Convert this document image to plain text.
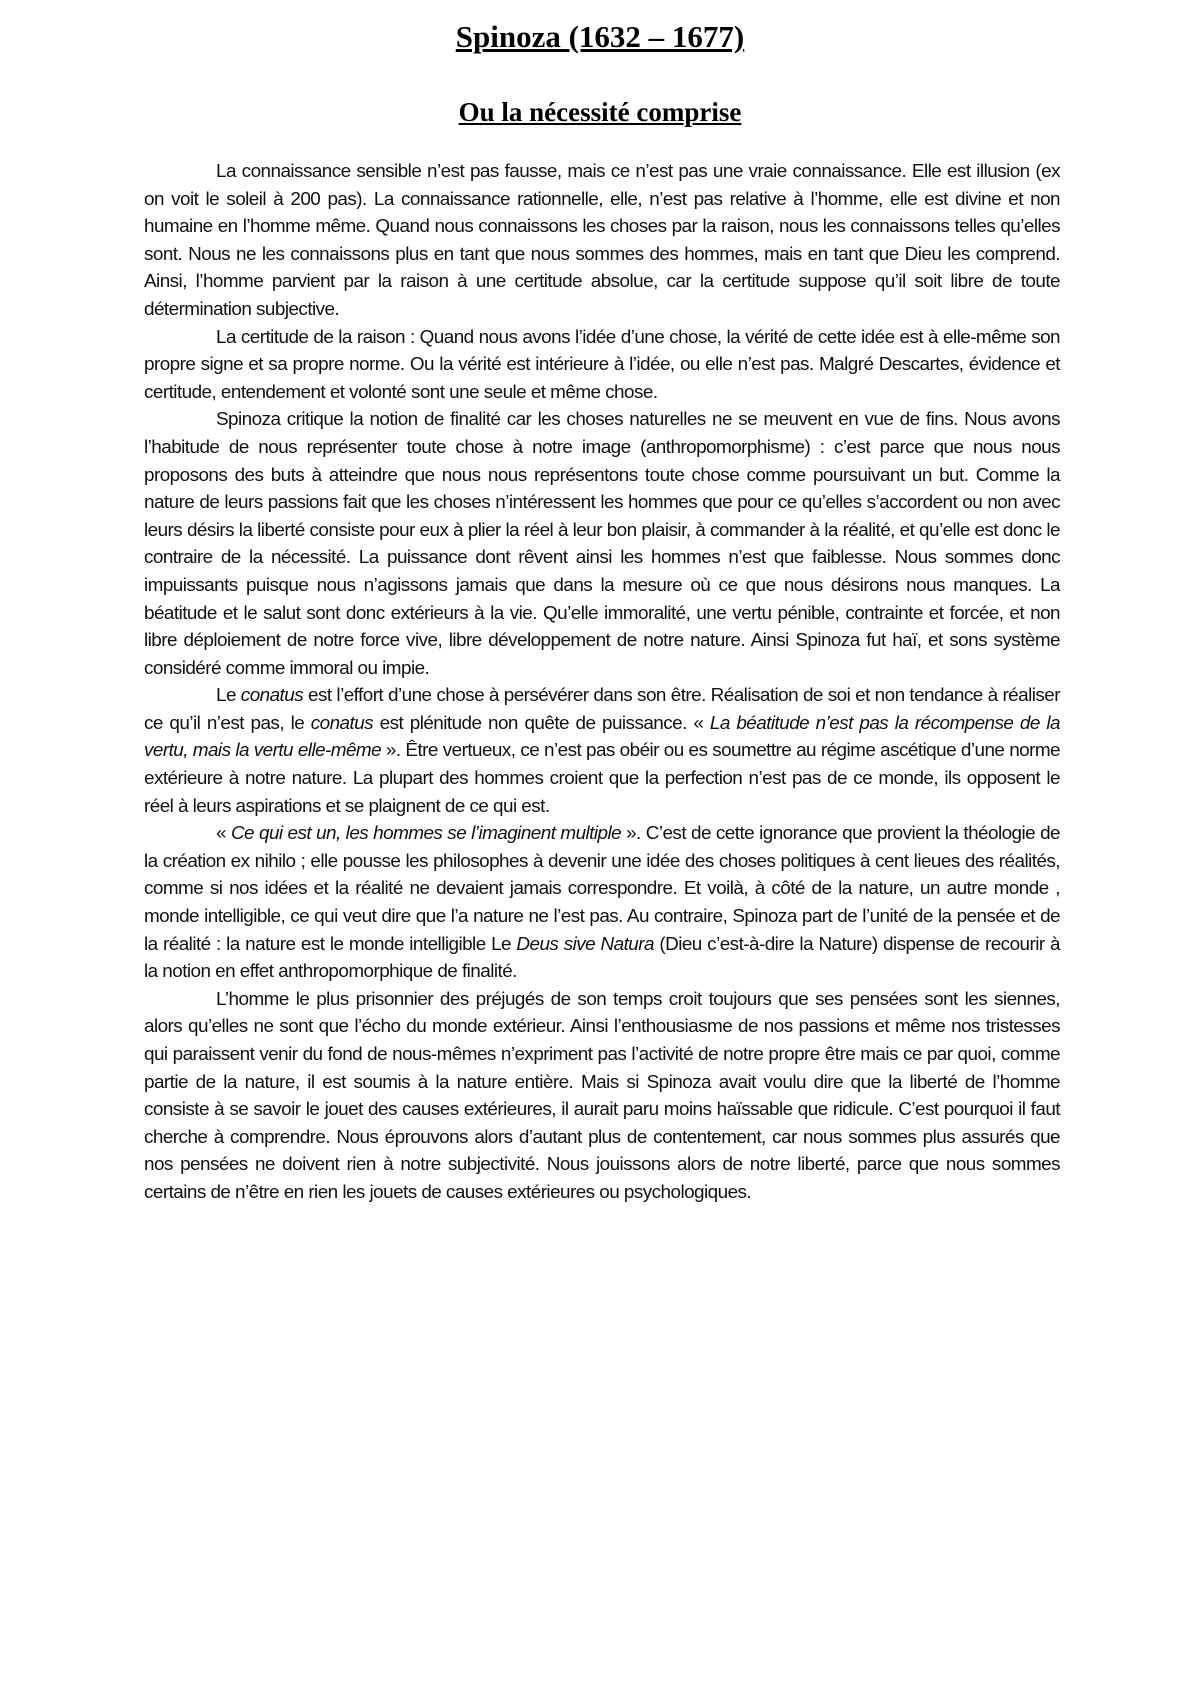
Spinoza (1632 – 1677)
Ou la nécessité comprise

La connaissance sensible n’est pas fausse, mais ce n’est pas une vraie connaissance. Elle est illusion (ex on voit le soleil à 200 pas). La connaissance rationnelle, elle, n’est pas relative à l’homme, elle est divine et non humaine en l’homme même. Quand nous connaissons les choses par la raison, nous les connaissons telles qu’elles sont. Nous ne les connaissons plus en tant que nous sommes des hommes, mais en tant que Dieu les comprend. Ainsi, l’homme parvient par la raison à une certitude absolue, car la certitude suppose qu’il soit libre de toute détermination subjective.

La certitude de la raison : Quand nous avons l’idée d’une chose, la vérité de cette idée est à elle-même son propre signe et sa propre norme. Ou la vérité est intérieure à l’idée, ou elle n’est pas. Malgré Descartes, évidence et certitude, entendement et volonté sont une seule et même chose.

Spinoza critique la notion de finalité car les choses naturelles ne se meuvent en vue de fins. Nous avons l’habitude de nous représenter toute chose à notre image (anthropomorphisme) : c’est parce que nous nous proposons des buts à atteindre que nous nous représentons toute chose comme poursuivant un but. Comme la nature de leurs passions fait que les choses n’intéressent les hommes que pour ce qu’elles s’accordent ou non avec leurs désirs la liberté consiste pour eux à plier la réel à leur bon plaisir, à commander à la réalité, et qu’elle est donc le contraire de la nécessité. La puissance dont rêvent ainsi les hommes n’est que faiblesse. Nous sommes donc impuissants puisque nous n’agissons jamais que dans la mesure où ce que nous désirons nous manques. La béatitude et le salut sont donc extérieurs à la vie. Qu’elle immoralité, une vertu pénible, contrainte et forcée, et non libre déploiement de notre force vive, libre développement de notre nature. Ainsi Spinoza fut haï, et sons système considéré comme immoral ou impie.

Le conatus est l’effort d’une chose à persévérer dans son être. Réalisation de soi et non tendance à réaliser ce qu’il n’est pas, le conatus est plénitude non quête de puissance. « La béatitude n’est pas la récompense de la vertu, mais la vertu elle-même ». Être vertueux, ce n’est pas obéir ou es soumettre au régime ascétique d’une norme extérieure à notre nature. La plupart des hommes croient que la perfection n’est pas de ce monde, ils opposent le réel à leurs aspirations et se plaignent de ce qui est.

« Ce qui est un, les hommes se l’imaginent multiple ». C’est de cette ignorance que provient la théologie de la création ex nihilo ; elle pousse les philosophes à devenir une idée des choses politiques à cent lieues des réalités, comme si nos idées et la réalité ne devaient jamais correspondre. Et voilà, à côté de la nature, un autre monde , monde intelligible, ce qui veut dire que l’a nature ne l’est pas. Au contraire, Spinoza part de l’unité de la pensée et de la réalité : la nature est le monde intelligible Le Deus sive Natura (Dieu c’est-à-dire la Nature) dispense de recourir à la notion en effet anthropomorphique de finalité.

L’homme le plus prisonnier des préjugés de son temps croit toujours que ses pensées sont les siennes, alors qu’elles ne sont que l’écho du monde extérieur. Ainsi l’enthousiasme de nos passions et même nos tristesses qui paraissent venir du fond de nous-mêmes n’expriment pas l’activité de notre propre être mais ce par quoi, comme partie de la nature, il est soumis à la nature entière. Mais si Spinoza avait voulu dire que la liberté de l’homme consiste à se savoir le jouet des causes extérieures, il aurait paru moins haïssable que ridicule. C’est pourquoi il faut cherche à comprendre. Nous éprouvons alors d’autant plus de contentement, car nous sommes plus assurés que nos pensées ne doivent rien à notre subjectivité. Nous jouissons alors de notre liberté, parce que nous sommes certains de n’être en rien les jouets de causes extérieures ou psychologiques.
